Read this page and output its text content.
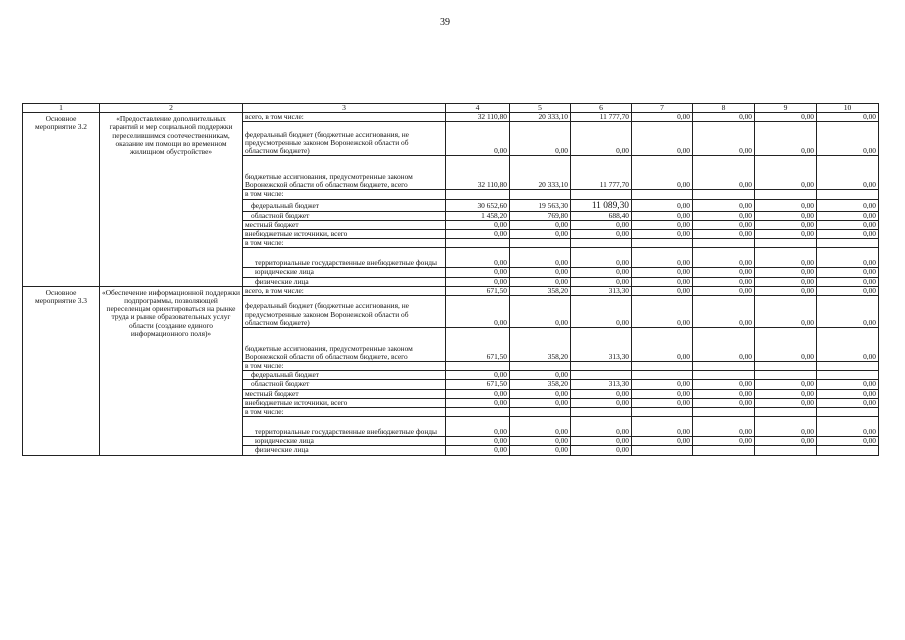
39
1	2	3	4	5	6	7	8	9	10
Основное мероприятие 3.2	«Предоставление дополнительных гарантий и мер социальной поддержки переселившимся соотечественникам, оказание им помощи во временном жилищном обустройстве»	всего, в том числе:	32 110,80	20 333,10	11 777,70	0,00	0,00	0,00	0,00
		федеральный бюджет (бюджетные ассигнования, не предусмотренные законом Воронежской области об областном бюджете)	0,00	0,00	0,00	0,00	0,00	0,00	0,00
		бюджетные ассигнования, предусмотренные законом Воронежской области об областном бюджете, всего	32 110,80	20 333,10	11 777,70	0,00	0,00	0,00	0,00
		в том числе:							
		федеральный бюджет	30 652,60	19 563,30	11 089,30	0,00	0,00	0,00	0,00
		областной бюджет	1 458,20	769,80	688,40	0,00	0,00	0,00	0,00
		местный бюджет	0,00	0,00	0,00	0,00	0,00	0,00	0,00
		внебюджетные источники, всего	0,00	0,00	0,00	0,00	0,00	0,00	0,00
		в том числе:							
		территориальные государственные внебюджетные фонды	0,00	0,00	0,00	0,00	0,00	0,00	0,00
		юридические лица	0,00	0,00	0,00	0,00	0,00	0,00	0,00
		физические лица	0,00	0,00	0,00	0,00	0,00	0,00	0,00
Основное мероприятие 3.3	«Обеспечение информационной поддержки подпрограммы, позволяющей переселенцам ориентироваться на рынке труда и рынке образовательных услуг области (создание единого информационного поля)»	всего, в том числе:	671,50	358,20	313,30	0,00	0,00	0,00	0,00
		федеральный бюджет (бюджетные ассигнования, не предусмотренные законом Воронежской области об областном бюджете)	0,00	0,00	0,00	0,00	0,00	0,00	0,00
		бюджетные ассигнования, предусмотренные законом Воронежской области об областном бюджете, всего	671,50	358,20	313,30	0,00	0,00	0,00	0,00
		в том числе:							
		федеральный бюджет	0,00	0,00					
		областной бюджет	671,50	358,20	313,30	0,00	0,00	0,00	0,00
		местный бюджет	0,00	0,00	0,00	0,00	0,00	0,00	0,00
		внебюджетные источники, всего	0,00	0,00	0,00	0,00	0,00	0,00	0,00
		в том числе:							
		территориальные государственные внебюджетные фонды	0,00	0,00	0,00	0,00	0,00	0,00	0,00
		юридические лица	0,00	0,00	0,00	0,00	0,00	0,00	0,00
		физические лица	0,00	0,00	0,00				
